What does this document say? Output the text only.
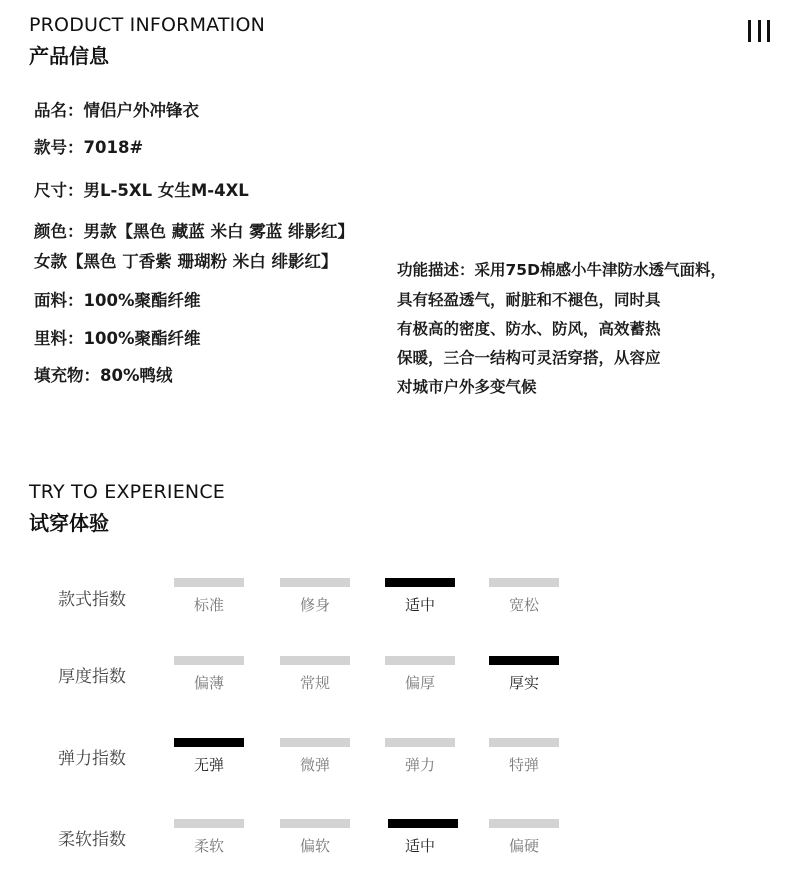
PRODUCT INFORMATION
产品信息
品名：情侣户外冲锋衣
款号：7018#
尺寸：男L-5XL 女生M-4XL
颜色：男款【黑色 藏蓝 米白 雾蓝 绯影红】
女款【黑色 丁香紫 珊瑚粉 米白 绯影红】
面料：100%聚酯纤维
里料：100%聚酯纤维
填充物：80%鸭绒
功能描述：采用75D棉感小牛津防水透气面料，
具有轻盈透气，耐脏和不褪色，同时具
有极高的密度、防水、防风，高效蓄热
保暖，三合一结构可灵活穿搭，从容应
对城市户外多变气候
TRY TO EXPERIENCE
试穿体验
款式指数	标准	修身	适中	宽松
厚度指数	偏薄	常规	偏厚	厚实
弹力指数	无弹	微弹	弹力	特弹
柔软指数	柔软	偏软	适中	偏硬
